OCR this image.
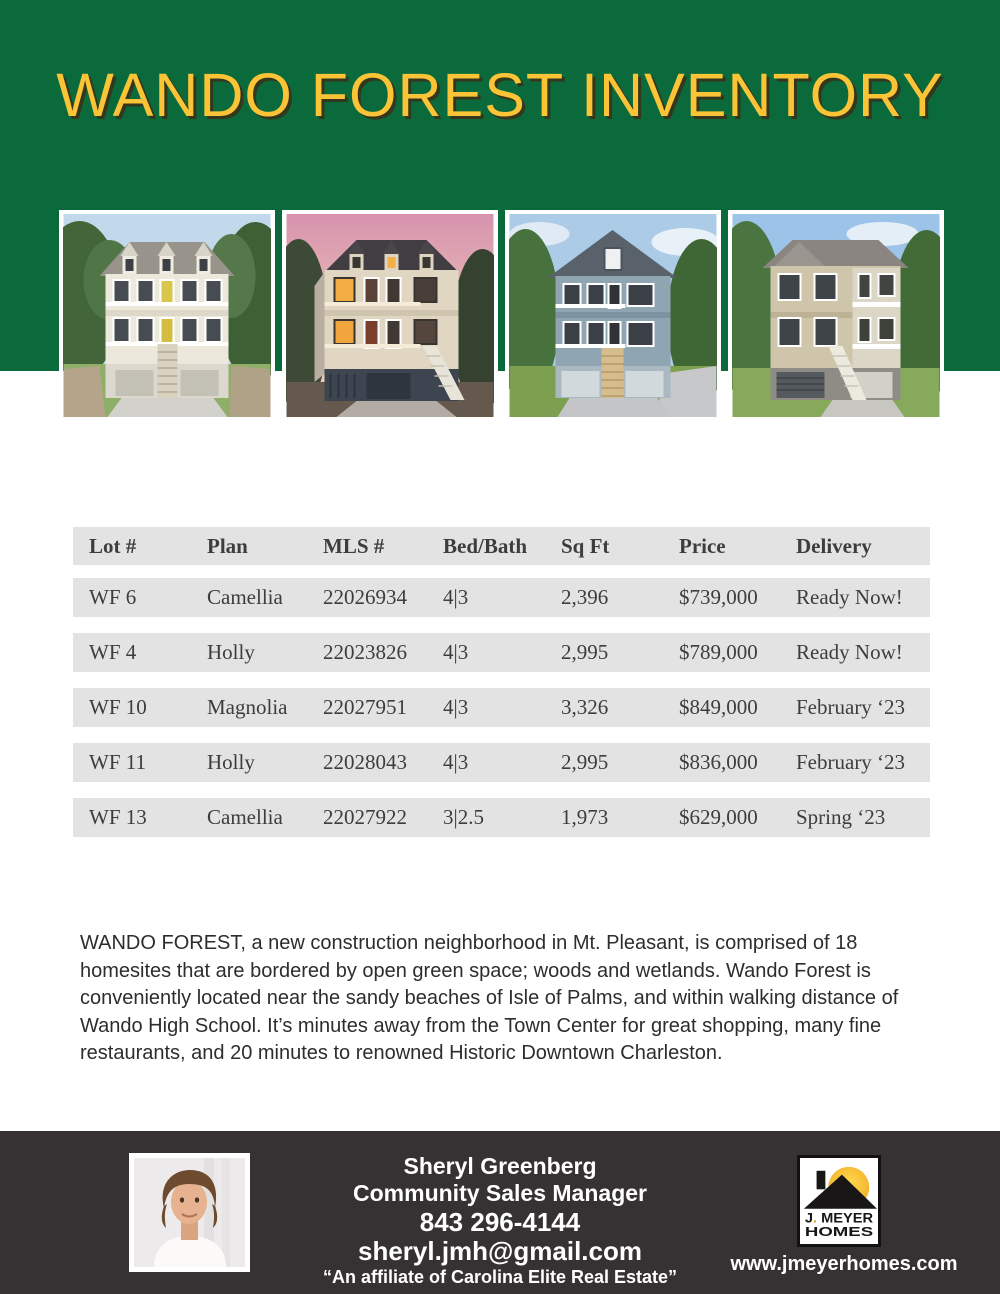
WANDO FOREST INVENTORY
Lot #	Plan	MLS #	Bed/Bath	Sq Ft	Price	Delivery
WF 6	Camellia	22026934	4|3	2,396	$739,000	Ready Now!
WF 4	Holly	22023826	4|3	2,995	$789,000	Ready Now!
WF 10	Magnolia	22027951	4|3	3,326	$849,000	February ‘23
WF 11	Holly	22028043	4|3	2,995	$836,000	February ‘23
WF 13	Camellia	22027922	3|2.5	1,973	$629,000	Spring ‘23
WANDO FOREST, a new construction neighborhood in Mt. Pleasant, is comprised of 18 homesites that are bordered by open green space; woods and wetlands. Wando Forest is conveniently located near the sandy beaches of Isle of Palms, and within walking distance of Wando High School. It’s minutes away from the Town Center for great shopping, many fine restaurants, and 20 minutes to renowned Historic Downtown Charleston.
Sheryl Greenberg
Community Sales Manager
843 296-4144
sheryl.jmh@gmail.com
“An affiliate of Carolina Elite Real Estate”
J. MEYER
HOMES
www.jmeyerhomes.com
